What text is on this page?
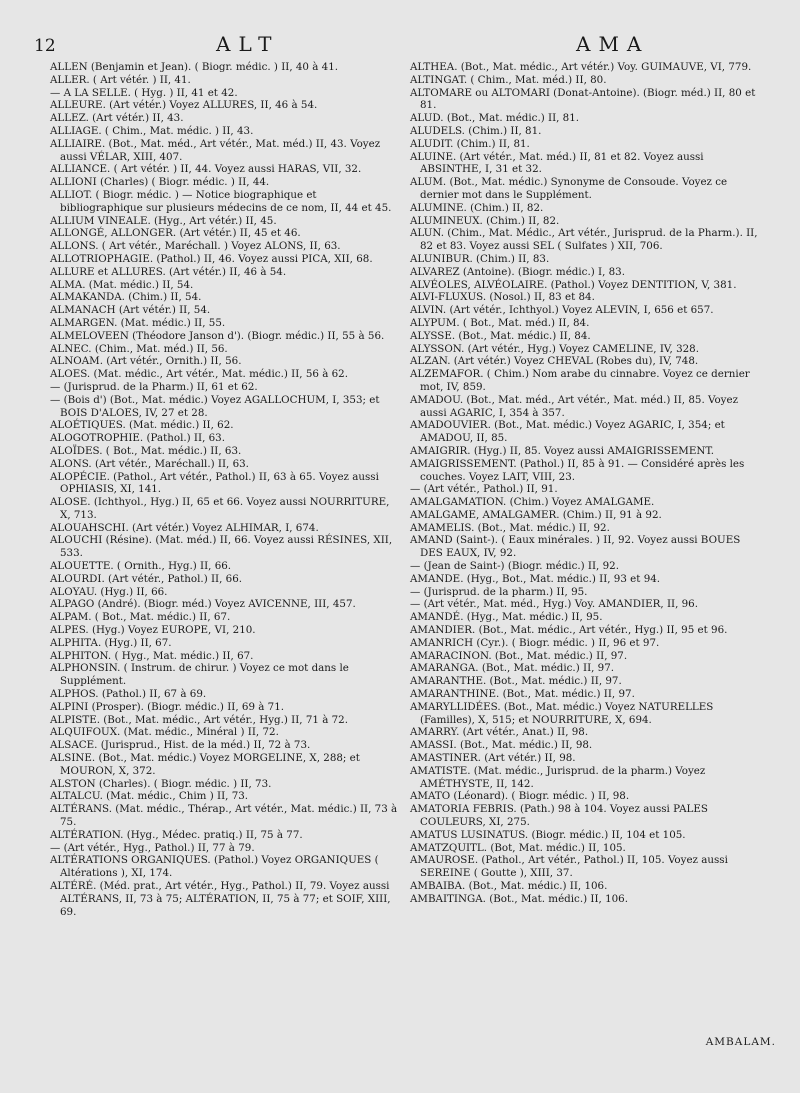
12	ALT	AMA

ALLEN (Benjamin et Jean). ( Biogr. médic. ) II, 40 à 41.

ALLER. ( Art vétér. ) II, 41.

— A LA SELLE. ( Hyg. ) II, 41 et 42.

ALLEURE. (Art vétér.) Voyez ALLURES, II, 46 à 54.

ALLEZ. (Art vétér.) II, 43.

ALLIAGE. ( Chim., Mat. médic. ) II, 43.

ALLIAIRE. (Bot., Mat. méd., Art vétér., Mat. méd.) II, 43. Voyez aussi VÉLAR, XIII, 407.

ALLIANCE. ( Art vétér. ) II, 44. Voyez aussi HARAS, VII, 32.

ALLIONI (Charles) ( Biogr. médic. ) II, 44.

ALLIOT. ( Biogr. médic. ) — Notice biographique et bibliographique sur plusieurs médecins de ce nom, II, 44 et 45.

ALLIUM VINEALE. (Hyg., Art vétér.) II, 45.

ALLONGÉ, ALLONGER. (Art vétér.) II, 45 et 46.

ALLONS. ( Art vétér., Maréchall. ) Voyez ALONS, II, 63.

ALLOTRIOPHAGIE. (Pathol.) II, 46. Voyez aussi PICA, XII, 68.

ALLURE et ALLURES. (Art vétér.) II, 46 à 54.

ALMA. (Mat. médic.) II, 54.

ALMAKANDA. (Chim.) II, 54.

ALMANACH (Art vétér.) II, 54.

ALMARGEN. (Mat. médic.) II, 55.

ALMELOVEEN (Théodore Janson d'). (Biogr. médic.) II, 55 à 56.

ALNEC. (Chim., Mat. méd.) II, 56.

ALNOAM. (Art vétér., Ornith.) II, 56.

ALOES. (Mat. médic., Art vétér., Mat. médic.) II, 56 à 62.

— (Jurisprud. de la Pharm.) II, 61 et 62.

— (Bois d') (Bot., Mat. médic.) Voyez AGALLOCHUM, I, 353; et BOIS D'ALOES, IV, 27 et 28.

ALOÉTIQUES. (Mat. médic.) II, 62.

ALOGOTROPHIE. (Pathol.) II, 63.

ALOÏDES. ( Bot., Mat. médic.) II, 63.

ALONS. (Art vétér., Maréchall.) II, 63.

ALOPÉCIE. (Pathol., Art vétér., Pathol.) II, 63 à 65. Voyez aussi OPHIASIS, XI, 141.

ALOSE. (Ichthyol., Hyg.) II, 65 et 66. Voyez aussi NOURRITURE, X, 713.

ALOUAHSCHI. (Art vétér.) Voyez ALHIMAR, I, 674.

ALOUCHI (Résine). (Mat. méd.) II, 66. Voyez aussi RÉSINES, XII, 533.

ALOUETTE. ( Ornith., Hyg.) II, 66.

ALOURDI. (Art vétér., Pathol.) II, 66.

ALOYAU. (Hyg.) II, 66.

ALPAGO (André). (Biogr. méd.) Voyez AVICENNE, III, 457.

ALPAM. ( Bot., Mat. médic.) II, 67.

ALPES. (Hyg.) Voyez EUROPE, VI, 210.

ALPHITA. (Hyg.) II, 67.

ALPHITON. ( Hyg., Mat. médic.) II, 67.

ALPHONSIN. ( Instrum. de chirur. ) Voyez ce mot dans le Supplément.

ALPHOS. (Pathol.) II, 67 à 69.

ALPINI (Prosper). (Biogr. médic.) II, 69 à 71.

ALPISTE. (Bot., Mat. médic., Art vétér., Hyg.) II, 71 à 72.

ALQUIFOUX. (Mat. médic., Minéral ) II, 72.

ALSACE. (Jurisprud., Hist. de la méd.) II, 72 à 73.

ALSINE. (Bot., Mat. médic.) Voyez MORGELINE, X, 288; et MOURON, X, 372.

ALSTON (Charles). ( Biogr. médic. ) II, 73.

ALTALCU. (Mat. médic., Chim ) II, 73.

ALTÉRANS. (Mat. médic., Thérap., Art vétér., Mat. médic.) II, 73 à 75.

ALTÉRATION. (Hyg., Médec. pratiq.) II, 75 à 77.

— (Art vétér., Hyg., Pathol.) II, 77 à 79.

ALTÉRATIONS ORGANIQUES. (Pathol.) Voyez ORGANIQUES ( Altérations ), XI, 174.

ALTÉRÉ. (Méd. prat., Art vétér., Hyg., Pathol.) II, 79. Voyez aussi ALTÉRANS, II, 73 à 75; ALTÉRATION, II, 75 à 77; et SOIF, XIII, 69.

ALTHEA. (Bot., Mat. médic., Art vétér.) Voy. GUIMAUVE, VI, 779.

ALTINGAT. ( Chim., Mat. méd.) II, 80.

ALTOMARE ou ALTOMARI (Donat-Antoine). (Biogr. méd.) II, 80 et 81.

ALUD. (Bot., Mat. médic.) II, 81.

ALUDELS. (Chim.) II, 81.

ALUDIT. (Chim.) II, 81.

ALUINE. (Art vétér., Mat. méd.) II, 81 et 82. Voyez aussi ABSINTHE, I, 31 et 32.

ALUM. (Bot., Mat. médic.) Synonyme de Consoude. Voyez ce dernier mot dans le Supplément.

ALUMINE. (Chim.) II, 82.

ALUMINEUX. (Chim.) II, 82.

ALUN. (Chim., Mat. Médic., Art vétér., Jurisprud. de la Pharm.). II, 82 et 83. Voyez aussi SEL ( Sulfates ) XII, 706.

ALUNIBUR. (Chim.) II, 83.

ALVAREZ (Antoine). (Biogr. médic.) I, 83.

ALVÉOLES, ALVÉOLAIRE. (Pathol.) Voyez DENTITION, V, 381.

ALVI-FLUXUS. (Nosol.) II, 83 et 84.

ALVIN. (Art vétér., Ichthyol.) Voyez ALEVIN, I, 656 et 657.

ALYPUM. ( Bot., Mat. méd.) II, 84.

ALYSSE. (Bot., Mat. médic.) II, 84.

ALYSSON. (Art vétér., Hyg.) Voyez CAMELINE, IV, 328.

ALZAN. (Art vétér.) Voyez CHEVAL (Robes du), IV, 748.

ALZEMAFOR. ( Chim.) Nom arabe du cinnabre. Voyez ce dernier mot, IV, 859.

AMADOU. (Bot., Mat. méd., Art vétér., Mat. méd.) II, 85. Voyez aussi AGARIC, I, 354 à 357.

AMADOUVIER. (Bot., Mat. médic.) Voyez AGARIC, I, 354; et AMADOU, II, 85.

AMAIGRIR. (Hyg.) II, 85. Voyez aussi AMAIGRISSEMENT.

AMAIGRISSEMENT. (Pathol.) II, 85 à 91. — Considéré après les couches. Voyez LAIT, VIII, 23.

— (Art vétér., Pathol.) II, 91.

AMALGAMATION. (Chim.) Voyez AMALGAME.

AMALGAME, AMALGAMER. (Chim.) II, 91 à 92.

AMAMELIS. (Bot., Mat. médic.) II, 92.

AMAND (Saint-). ( Eaux minérales. ) II, 92. Voyez aussi BOUES DES EAUX, IV, 92.

— (Jean de Saint-) (Biogr. médic.) II, 92.

AMANDE. (Hyg., Bot., Mat. médic.) II, 93 et 94.

— (Jurisprud. de la pharm.) II, 95.

— (Art vétér., Mat. méd., Hyg.) Voy. AMANDIER, II, 96.

AMANDÉ. (Hyg., Mat. médic.) II, 95.

AMANDIER. (Bot., Mat. médic., Art vétér., Hyg.) II, 95 et 96.

AMANRICH (Cyr.). ( Biogr. médic. ) II, 96 et 97.

AMARACINON. (Bot., Mat. médic.) II, 97.

AMARANGA. (Bot., Mat. médic.) II, 97.

AMARANTHE. (Bot., Mat. médic.) II, 97.

AMARANTHINE. (Bot., Mat. médic.) II, 97.

AMARYLLIDÉES. (Bot., Mat. médic.) Voyez NATURELLES (Familles), X, 515; et NOURRITURE, X, 694.

AMARRY. (Art vétér., Anat.) II, 98.

AMASSI. (Bot., Mat. médic.) II, 98.

AMASTINER. (Art vétér.) II, 98.

AMATISTE. (Mat. médic., Jurisprud. de la pharm.) Voyez AMÉTHYSTE, II, 142.

AMATO (Léonard). ( Biogr. médic. ) II, 98.

AMATORIA FEBRIS. (Path.) 98 à 104. Voyez aussi PALES COULEURS, XI, 275.

AMATUS LUSINATUS. (Biogr. médic.) II, 104 et 105.

AMATZQUITL. (Bot, Mat. médic.) II, 105.

AMAUROSE. (Pathol., Art vétér., Pathol.) II, 105. Voyez aussi SEREINE ( Goutte ), XIII, 37.

AMBAIBA. (Bot., Mat. médic.) II, 106.

AMBAITINGA. (Bot., Mat. médic.) II, 106.

AMBALAM.
